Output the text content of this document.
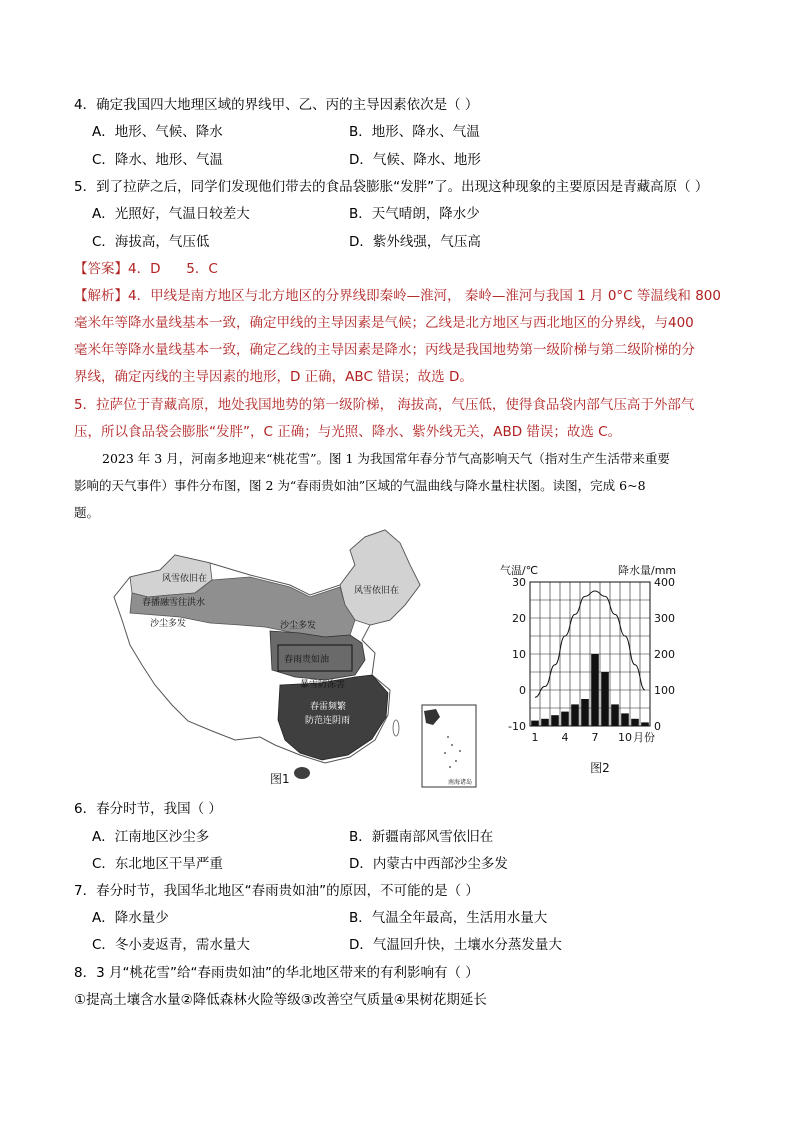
4．确定我国四大地理区域的界线甲、乙、丙的主导因素依次是（ ）
A．地形、气候、降水	B．地形、降水、气温
C．降水、地形、气温	D．气候、降水、地形
5．到了拉萨之后，同学们发现他们带去的食品袋膨胀“发胖”了。出现这种现象的主要原因是青藏高原（ ）
A．光照好，气温日较差大	B．天气晴朗，降水少
C．海拔高，气压低	D．紫外线强，气压高
【答案】4．D      5．C
【解析】4．甲线是南方地区与北方地区的分界线即秦岭—淮河， 秦岭—淮河与我国 1 月 0°C 等温线和 800
毫米年等降水量线基本一致，确定甲线的主导因素是气候；乙线是北方地区与西北地区的分界线，与400
毫米年等降水量线基本一致，确定乙线的主导因素是降水；丙线是我国地势第一级阶梯与第二级阶梯的分
界线，确定丙线的主导因素的地形，D 正确，ABC 错误；故选 D。
5．拉萨位于青藏高原，地处我国地势的第一级阶梯， 海拔高，气压低，使得食品袋内部气压高于外部气
压，所以食品袋会膨胀“发胖”，C 正确；与光照、降水、紫外线无关，ABD 错误；故选 C。
2023 年 3 月，河南多地迎来“桃花雪”。图 1 为我国常年春分节气高影响天气（指对生产生活带来重要
影响的天气事件）事件分布图，图 2 为“春雨贵如油”区域的气温曲线与降水量柱状图。读图，完成 6~8
题。
风雪依旧在
春播融雪往洪水
沙尘多发
风雪依旧在
沙尘多发
春雨贵如油
暴雪防冻害
春雷频繁
防范连阴雨
南海诸岛
图1
气温/℃	降水量/mm
30
20
10
0
-10
400
300
200
100
0
1 4 7 10 月份
图2
6．春分时节，我国（ ）
A．江南地区沙尘多	B．新疆南部风雪依旧在
C．东北地区干旱严重	D．内蒙古中西部沙尘多发
7．春分时节，我国华北地区“春雨贵如油”的原因，不可能的是（ ）
A．降水量少	B．气温全年最高，生活用水量大
C．冬小麦返青，需水量大	D．气温回升快，土壤水分蒸发量大
8．3 月“桃花雪”给“春雨贵如油”的华北地区带来的有利影响有（ ）
①提高土壤含水量②降低森林火险等级③改善空气质量④果树花期延长
